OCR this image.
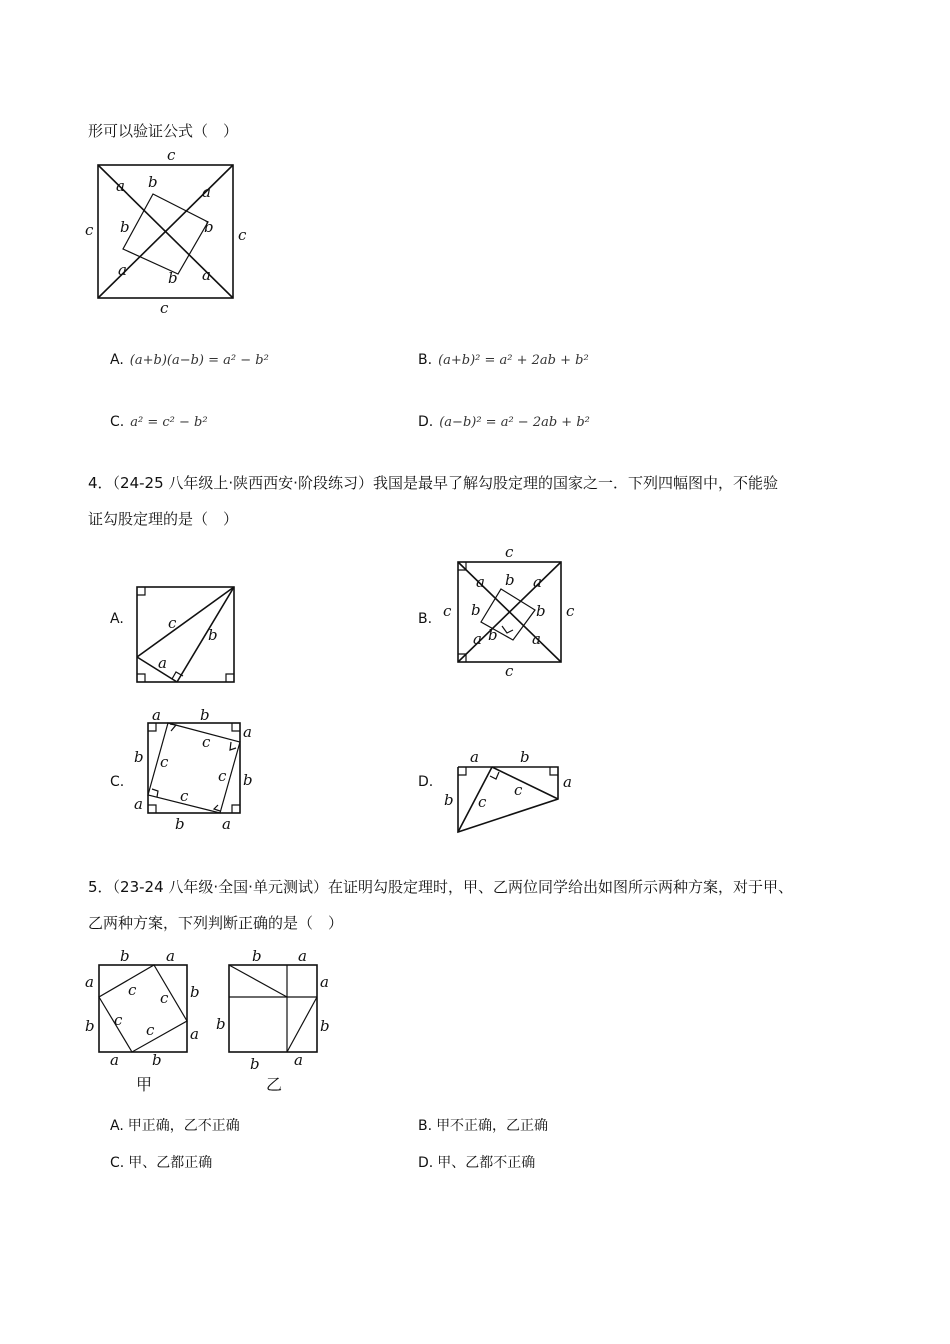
形可以验证公式（　）
c
c	c
c
a b
a
b	b
a	b a
A. (a+b)(a−b) = a² − b²	B. (a+b)² = a² + 2ab + b²
C. a² = c² − b²	D. (a−b)² = a² − 2ab + b²
4．（24-25 八年级上·陕西西安·阶段练习）我国是最早了解勾股定理的国家之一．下列四幅图中，不能验
证勾股定理的是（　）
A.	c
b
a
B.
c
c	c
c
a b a
b	b
a b a
C.
a	b
a
b
b
a
b a
c
c
c
c
D.
a	b
a
b c
c
5．（23-24 八年级·全国·单元测试）在证明勾股定理时，甲、乙两位同学给出如图所示两种方案，对于甲、
乙两种方案，下列判断正确的是（　）
b a
a
b
b
a
a b
c c
c
c
甲
b a
a
b
b
b a
乙
A. 甲正确，乙不正确	B. 甲不正确，乙正确
C. 甲、乙都正确	D. 甲、乙都不正确
